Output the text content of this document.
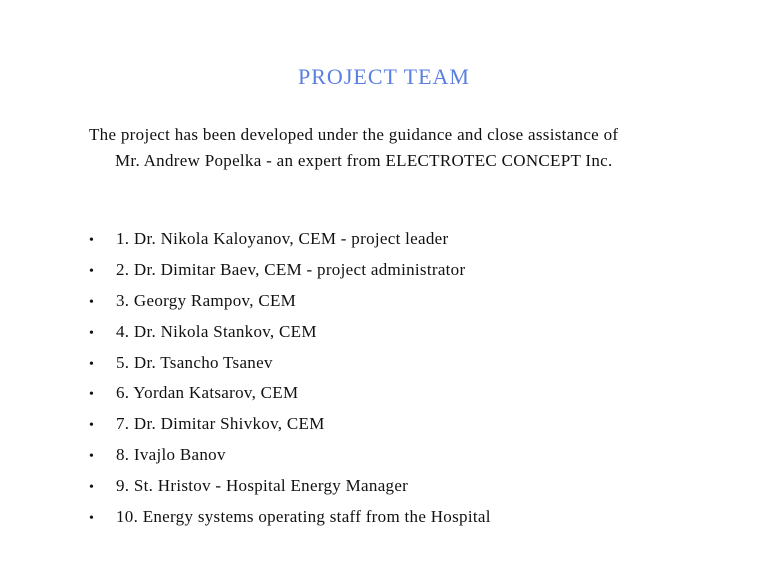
PROJECT TEAM
The project has been developed under the guidance and close assistance of
Mr. Andrew Popelka - an expert from ELECTROTEC CONCEPT Inc.
•	1. Dr. Nikola Kaloyanov, CEM - project leader
•	2. Dr. Dimitar Baev, CEM - project administrator
•	3. Georgy Rampov, CEM
•	4. Dr. Nikola Stankov, CEM
•	5. Dr. Tsancho Tsanev
•	6. Yordan Katsarov, CEM
•	7. Dr. Dimitar Shivkov, CEM
•	8. Ivajlo Banov
•	9. St. Hristov - Hospital Energy Manager
•	10. Energy systems operating staff from the Hospital
